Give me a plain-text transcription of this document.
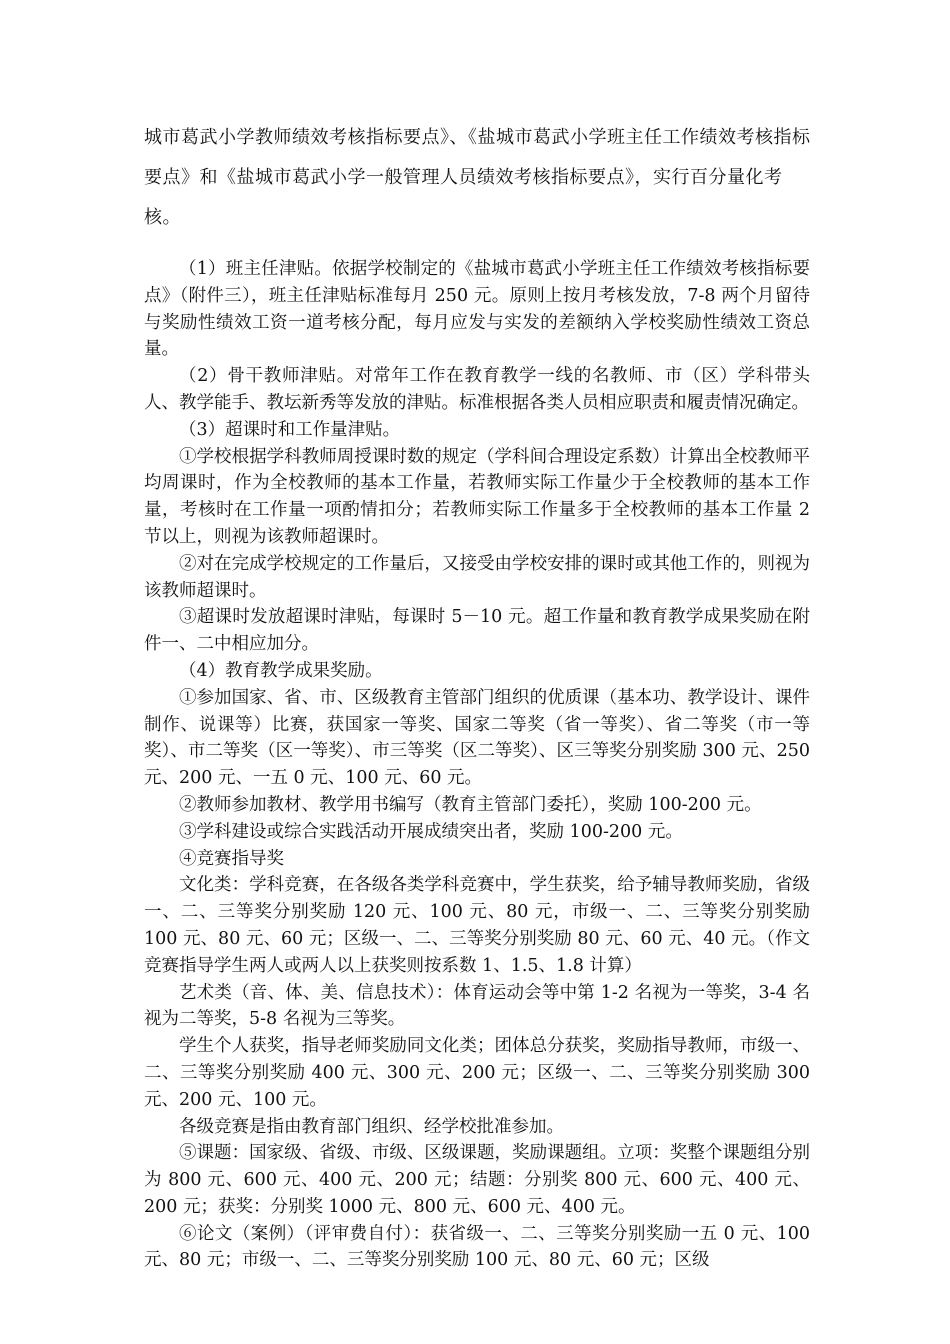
城市葛武小学教师绩效考核指标要点》、《盐城市葛武小学班主任工作绩效考核指标要点》和《盐城市葛武小学一般管理人员绩效考核指标要点》，实行百分量化考核。

（1）班主任津贴。依据学校制定的《盐城市葛武小学班主任工作绩效考核指标要点》（附件三），班主任津贴标准每月 250 元。原则上按月考核发放，7-8 两个月留待与奖励性绩效工资一道考核分配，每月应发与实发的差额纳入学校奖励性绩效工资总量。

（2）骨干教师津贴。对常年工作在教育教学一线的名教师、市（区）学科带头人、教学能手、教坛新秀等发放的津贴。标准根据各类人员相应职责和履责情况确定。

（3）超课时和工作量津贴。

①学校根据学科教师周授课时数的规定（学科间合理设定系数）计算出全校教师平均周课时，作为全校教师的基本工作量，若教师实际工作量少于全校教师的基本工作量，考核时在工作量一项酌情扣分；若教师实际工作量多于全校教师的基本工作量 2 节以上，则视为该教师超课时。

②对在完成学校规定的工作量后，又接受由学校安排的课时或其他工作的，则视为该教师超课时。

③超课时发放超课时津贴，每课时 5－10 元。超工作量和教育教学成果奖励在附件一、二中相应加分。

（4）教育教学成果奖励。

①参加国家、省、市、区级教育主管部门组织的优质课（基本功、教学设计、课件制作、说课等）比赛，获国家一等奖、国家二等奖（省一等奖）、省二等奖（市一等奖）、市二等奖（区一等奖）、市三等奖（区二等奖）、区三等奖分别奖励 300 元、250 元、200 元、一五 0 元、100 元、60 元。

②教师参加教材、教学用书编写（教育主管部门委托），奖励 100-200 元。

③学科建设或综合实践活动开展成绩突出者，奖励 100-200 元。

④竞赛指导奖

文化类：学科竞赛，在各级各类学科竞赛中，学生获奖，给予辅导教师奖励，省级一、二、三等奖分别奖励 120 元、100 元、80 元，市级一、二、三等奖分别奖励 100 元、80 元、60 元；区级一、二、三等奖分别奖励 80 元、60 元、40 元。（作文竞赛指导学生两人或两人以上获奖则按系数 1、1.5、1.8 计算）

艺术类（音、体、美、信息技术）：体育运动会等中第 1-2 名视为一等奖，3-4 名视为二等奖，5-8 名视为三等奖。

学生个人获奖，指导老师奖励同文化类；团体总分获奖，奖励指导教师，市级一、二、三等奖分别奖励 400 元、300 元、200 元；区级一、二、三等奖分别奖励 300 元、200 元、100 元。

各级竞赛是指由教育部门组织、经学校批准参加。

⑤课题：国家级、省级、市级、区级课题，奖励课题组。立项：奖整个课题组分别为 800 元、600 元、400 元、200 元；结题：分别奖 800 元、600 元、400 元、200 元；获奖：分别奖 1000 元、800 元、600 元、400 元。

⑥论文（案例）（评审费自付）：获省级一、二、三等奖分别奖励一五 0 元、100 元、80 元；市级一、二、三等奖分别奖励 100 元、80 元、60 元；区级
